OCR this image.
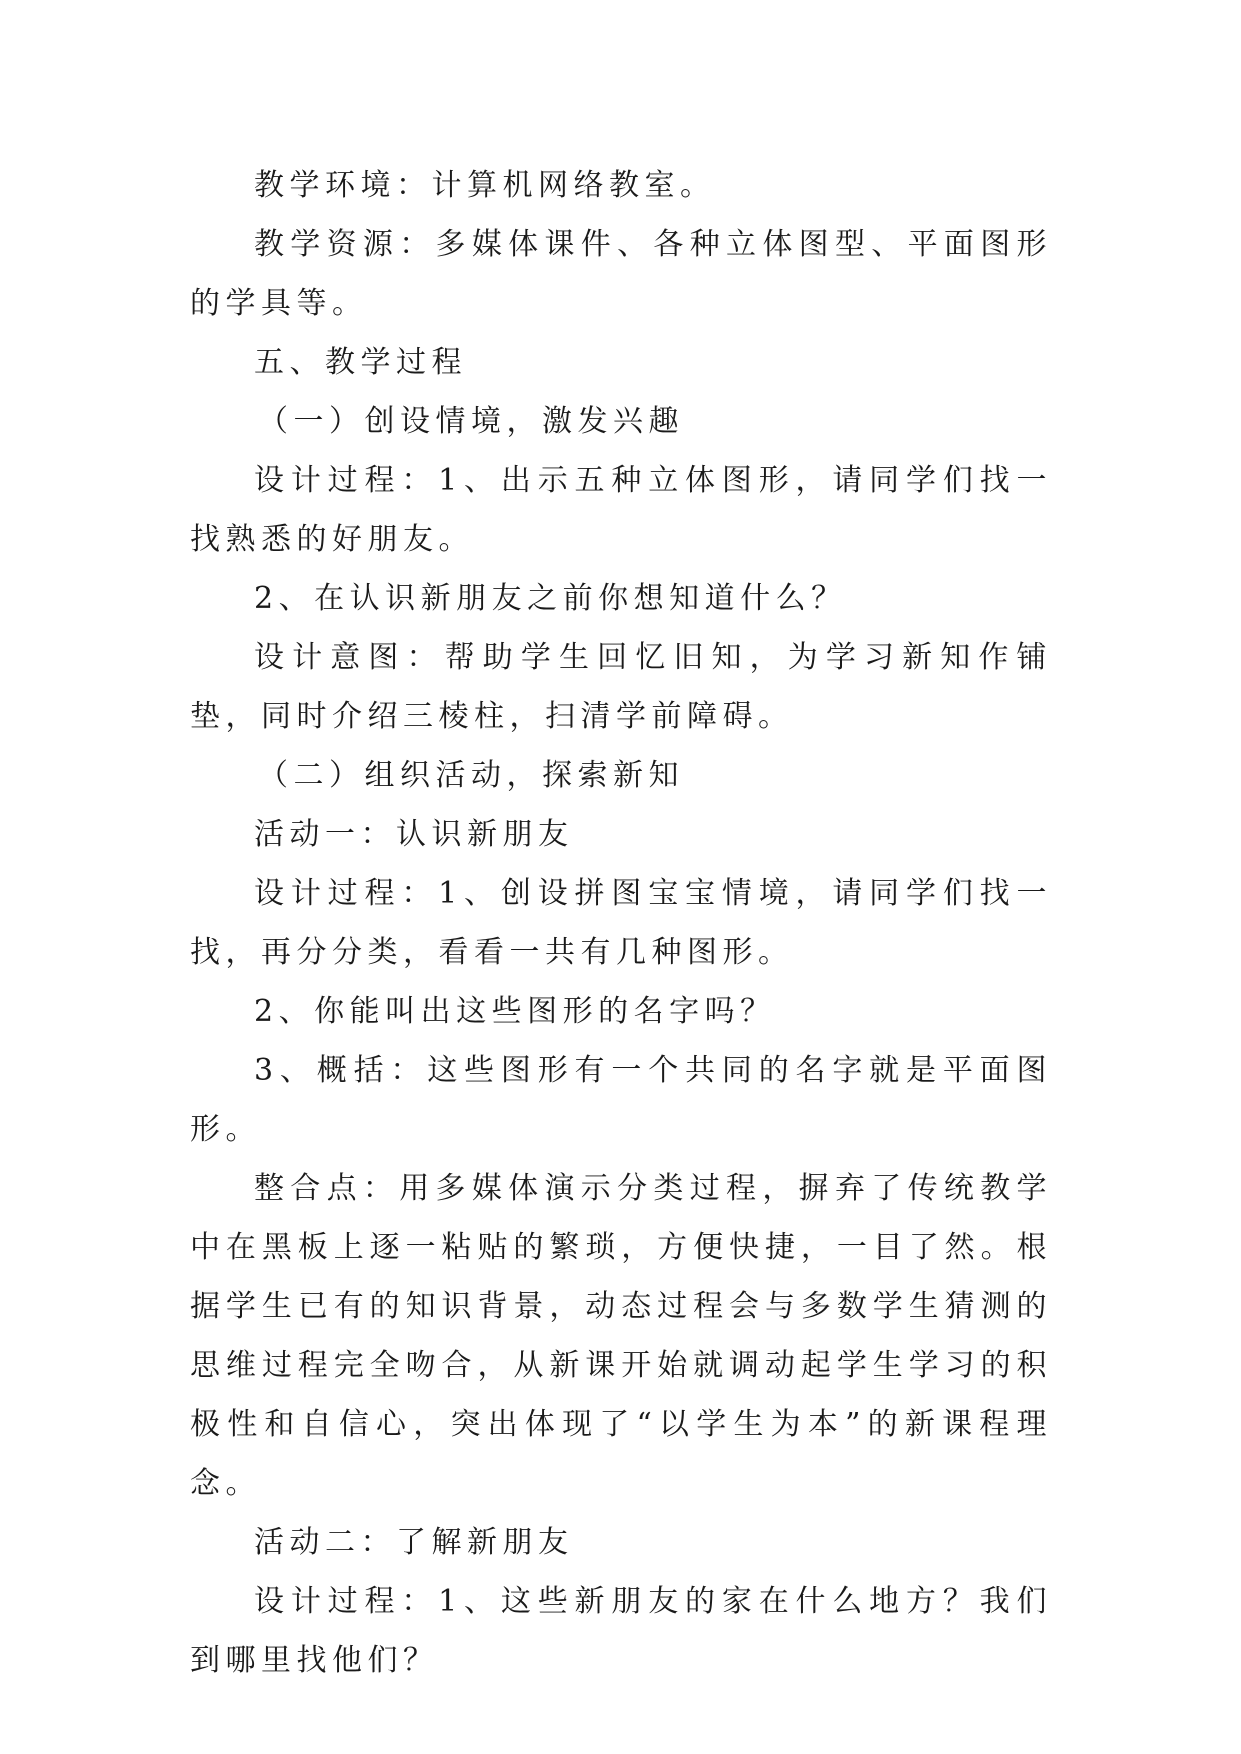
教学环境：计算机网络教室。

教学资源：多媒体课件、各种立体图型、平面图形的学具等。

五、教学过程

（一）创设情境，激发兴趣

设计过程：1、出示五种立体图形，请同学们找一找熟悉的好朋友。

2、在认识新朋友之前你想知道什么？

设计意图：帮助学生回忆旧知，为学习新知作铺垫，同时介绍三棱柱，扫清学前障碍。

（二）组织活动，探索新知

活动一：认识新朋友

设计过程：1、创设拼图宝宝情境，请同学们找一找，再分分类，看看一共有几种图形。

2、你能叫出这些图形的名字吗？

3、概括：这些图形有一个共同的名字就是平面图形。

整合点：用多媒体演示分类过程，摒弃了传统教学中在黑板上逐一粘贴的繁琐，方便快捷，一目了然。根据学生已有的知识背景，动态过程会与多数学生猜测的思维过程完全吻合，从新课开始就调动起学生学习的积极性和自信心，突出体现了“以学生为本”的新课程理念。

活动二：了解新朋友

设计过程：1、这些新朋友的家在什么地方？我们到哪里找他们？
